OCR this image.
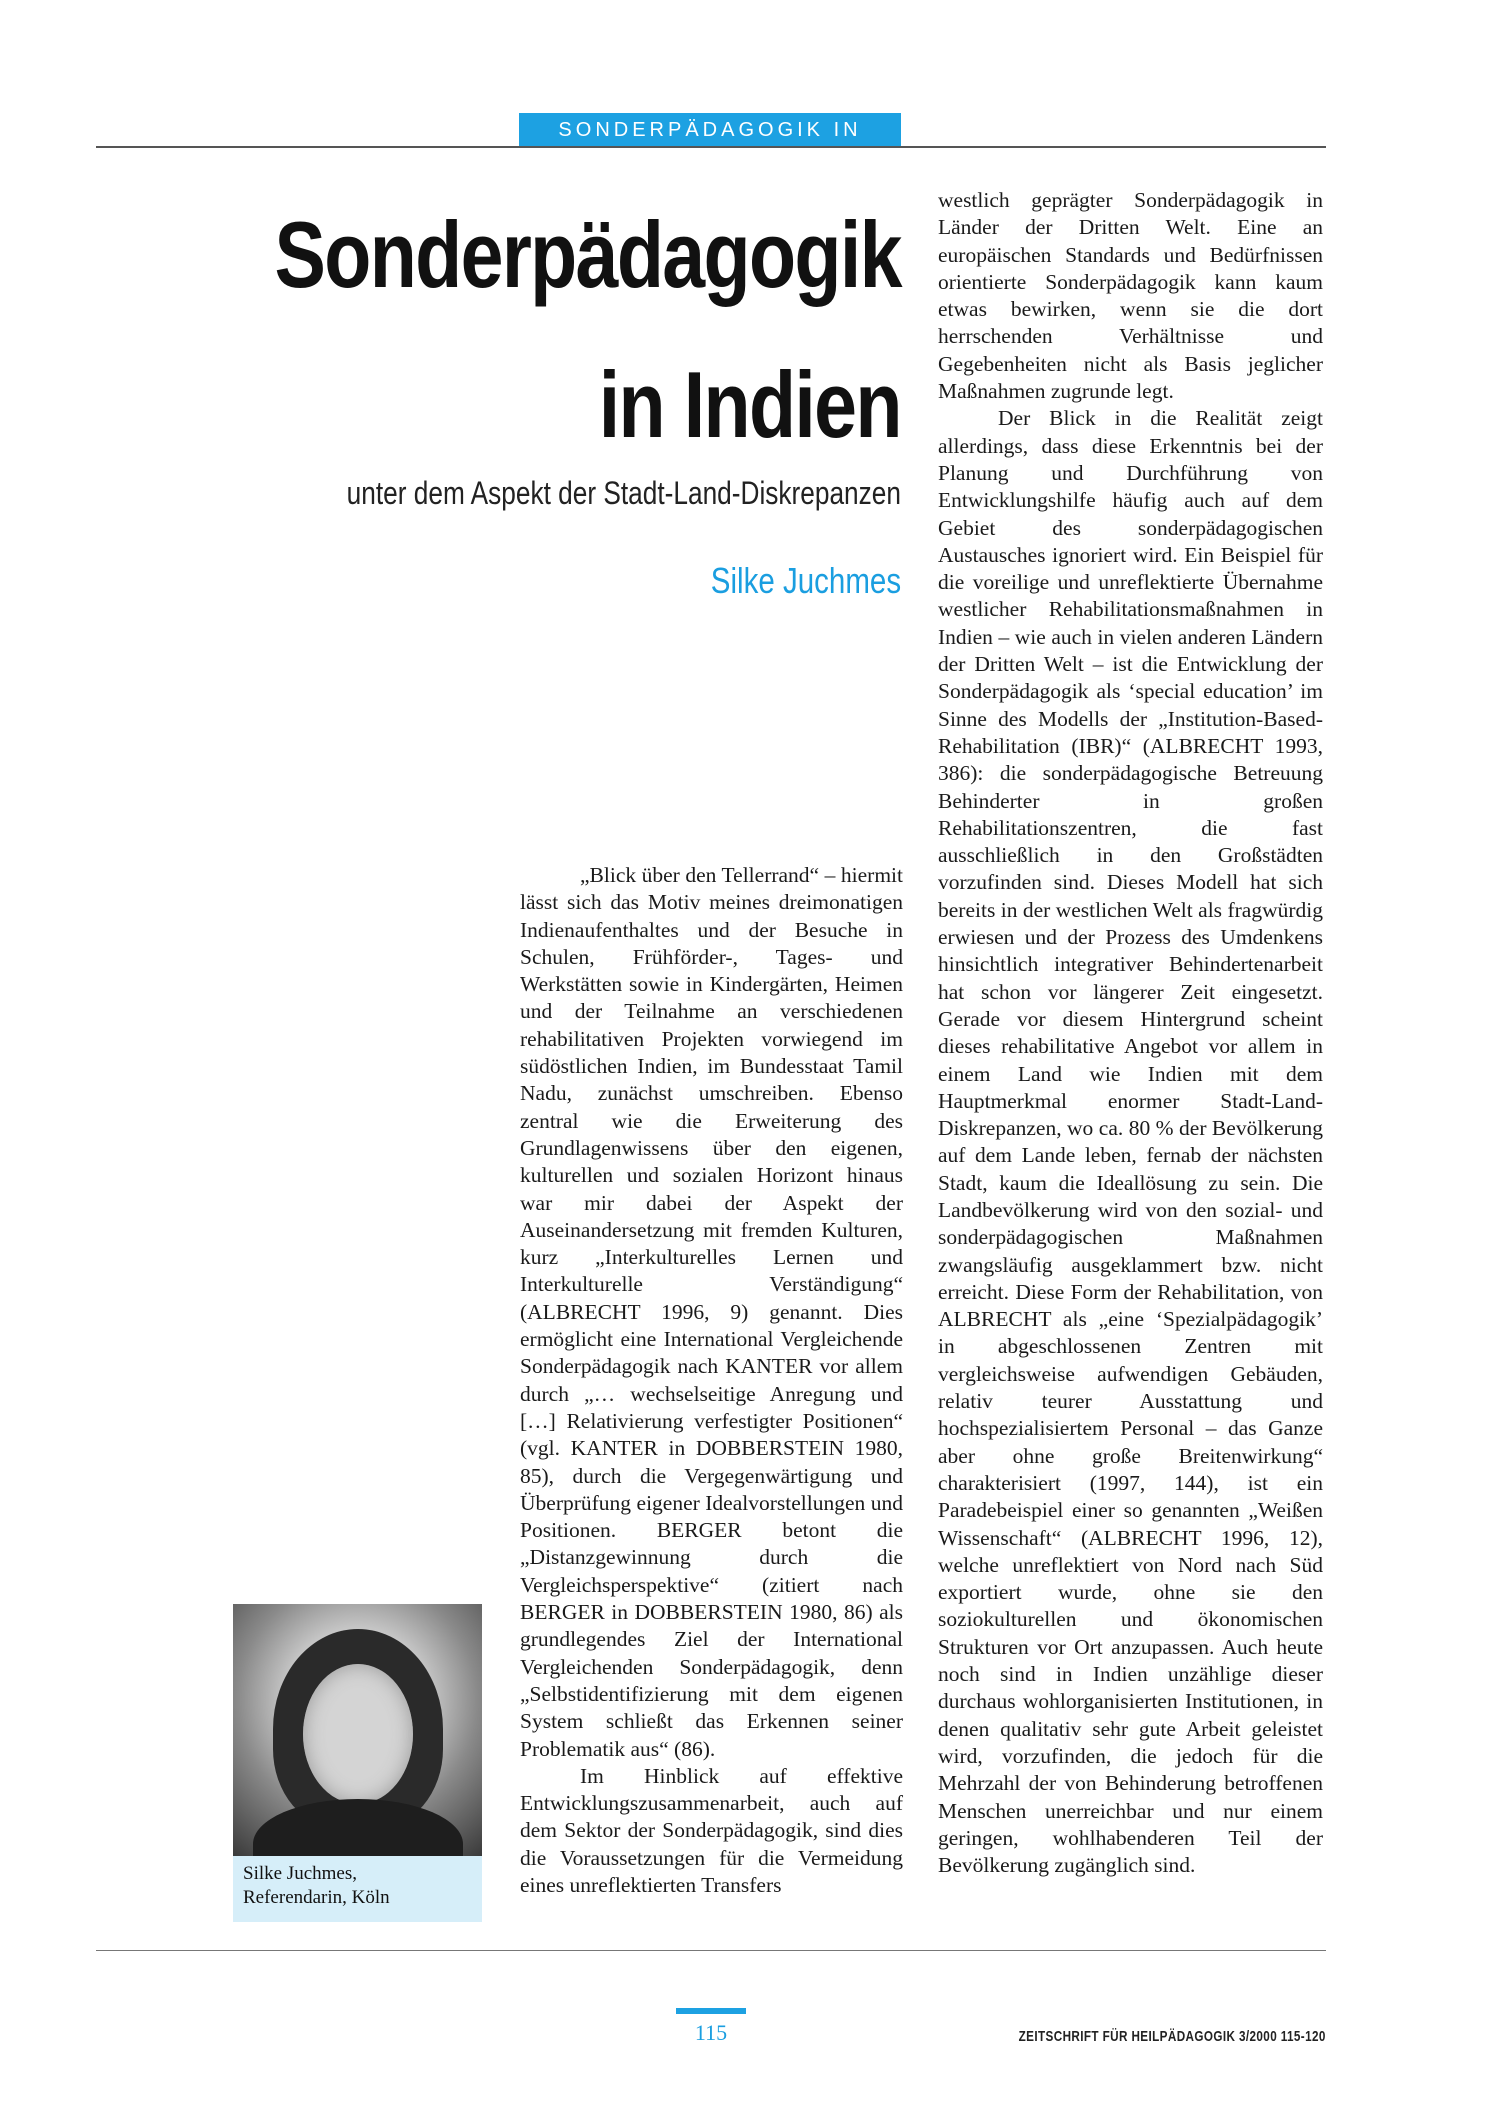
SONDERPÄDAGOGIK IN INDIEN
Sonderpädagogik
in Indien
unter dem Aspekt der Stadt-Land-Diskrepanzen
Silke Juchmes
Silke Juchmes,
Referendarin, Köln

„Blick über den Tellerrand“ – hiermit lässt sich das Motiv meines dreimonatigen Indienaufenthaltes und der Besuche in Schulen, Frühförder-, Tages- und Werkstätten sowie in Kindergärten, Heimen und der Teilnahme an verschiedenen rehabilitativen Projekten vorwiegend im südöstlichen Indien, im Bundesstaat Tamil Nadu, zunächst umschreiben. Ebenso zentral wie die Erweiterung des Grundlagenwissens über den eigenen, kulturellen und sozialen Horizont hinaus war mir dabei der Aspekt der Auseinandersetzung mit fremden Kulturen, kurz „Interkulturelles Lernen und Interkulturelle Verständigung“ (ALBRECHT 1996, 9) genannt. Dies ermöglicht eine International Vergleichende Sonderpädagogik nach KANTER vor allem durch „… wechselseitige Anregung und […] Relativierung verfestigter Positionen“ (vgl. KANTER in DOBBERSTEIN 1980, 85), durch die Vergegenwärtigung und Überprüfung eigener Idealvorstellungen und Positionen. BERGER betont die „Distanzgewinnung durch die Vergleichsperspektive“ (zitiert nach BERGER in DOBBERSTEIN 1980, 86) als grundlegendes Ziel der International Vergleichenden Sonderpädagogik, denn „Selbstidentifizierung mit dem eigenen System schließt das Erkennen seiner Problematik aus“ (86).

Im Hinblick auf effektive Entwicklungszusammenarbeit, auch auf dem Sektor der Sonderpädagogik, sind dies die Voraussetzungen für die Vermeidung eines unreflektierten Transfers

westlich geprägter Sonderpädagogik in Länder der Dritten Welt. Eine an europäischen Standards und Bedürfnissen orientierte Sonderpädagogik kann kaum etwas bewirken, wenn sie die dort herrschenden Verhältnisse und Gegebenheiten nicht als Basis jeglicher Maßnahmen zugrunde legt.

Der Blick in die Realität zeigt allerdings, dass diese Erkenntnis bei der Planung und Durchführung von Entwicklungshilfe häufig auch auf dem Gebiet des sonderpädagogischen Austausches ignoriert wird. Ein Beispiel für die voreilige und unreflektierte Übernahme westlicher Rehabilitationsmaßnahmen in Indien – wie auch in vielen anderen Ländern der Dritten Welt – ist die Entwicklung der Sonderpädagogik als ‘special education’ im Sinne des Modells der „Institution-Based-Rehabilitation (IBR)“ (ALBRECHT 1993, 386): die sonderpädagogische Betreuung Behinderter in großen Rehabilitationszentren, die fast ausschließlich in den Großstädten vorzufinden sind. Dieses Modell hat sich bereits in der westlichen Welt als fragwürdig erwiesen und der Prozess des Umdenkens hinsichtlich integrativer Behindertenarbeit hat schon vor längerer Zeit eingesetzt. Gerade vor diesem Hintergrund scheint dieses rehabilitative Angebot vor allem in einem Land wie Indien mit dem Hauptmerkmal enormer Stadt-Land-Diskrepanzen, wo ca. 80 % der Bevölkerung auf dem Lande leben, fernab der nächsten Stadt, kaum die Ideallösung zu sein. Die Landbevölkerung wird von den sozial- und sonderpädagogischen Maßnahmen zwangsläufig ausgeklammert bzw. nicht erreicht. Diese Form der Rehabilitation, von ALBRECHT als „eine ‘Spezialpädagogik’ in abgeschlossenen Zentren mit vergleichsweise aufwendigen Gebäuden, relativ teurer Ausstattung und hochspezialisiertem Personal – das Ganze aber ohne große Breitenwirkung“ charakterisiert (1997, 144), ist ein Paradebeispiel einer so genannten „Weißen Wissenschaft“ (ALBRECHT 1996, 12), welche unreflektiert von Nord nach Süd exportiert wurde, ohne sie den soziokulturellen und ökonomischen Strukturen vor Ort anzupassen. Auch heute noch sind in Indien unzählige dieser durchaus wohlorganisierten Institutionen, in denen qualitativ sehr gute Arbeit geleistet wird, vorzufinden, die jedoch für die Mehrzahl der von Behinderung betroffenen Menschen unerreichbar und nur einem geringen, wohlhabenderen Teil der Bevölkerung zugänglich sind.

115	ZEITSCHRIFT FÜR HEILPÄDAGOGIK 3/2000 115-120
